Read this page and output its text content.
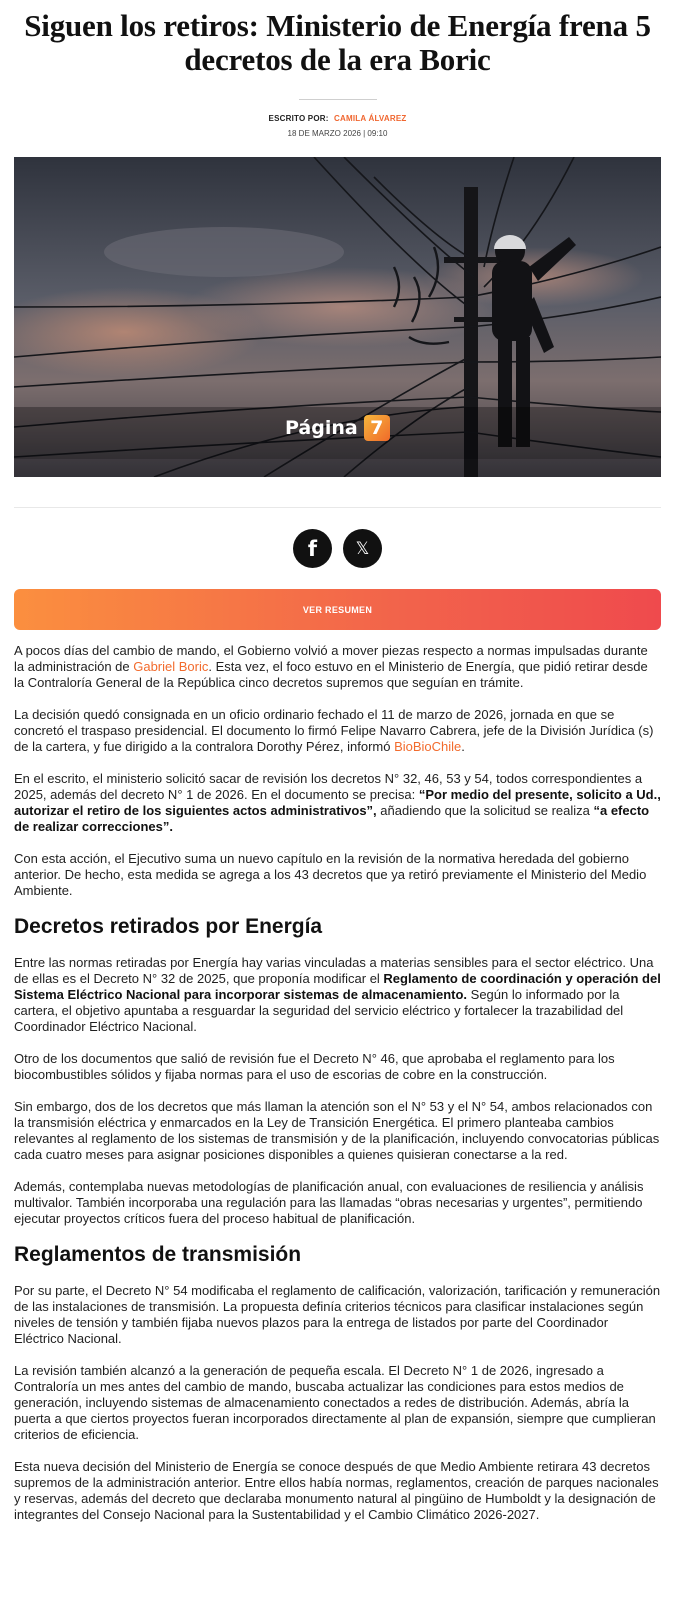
Siguen los retiros: Ministerio de Energía frena 5 decretos de la era Boric
ESCRITO POR: CAMILA ÁLVAREZ
18 DE MARZO 2026 | 09:10
Página 7
f 𝕏
VER RESUMEN

A pocos días del cambio de mando, el Gobierno volvió a mover piezas respecto a normas impulsadas durante la administración de Gabriel Boric. Esta vez, el foco estuvo en el Ministerio de Energía, que pidió retirar desde la Contraloría General de la República cinco decretos supremos que seguían en trámite.

La decisión quedó consignada en un oficio ordinario fechado el 11 de marzo de 2026, jornada en que se concretó el traspaso presidencial. El documento lo firmó Felipe Navarro Cabrera, jefe de la División Jurídica (s) de la cartera, y fue dirigido a la contralora Dorothy Pérez, informó BioBioChile.

En el escrito, el ministerio solicitó sacar de revisión los decretos N° 32, 46, 53 y 54, todos correspondientes a 2025, además del decreto N° 1 de 2026. En el documento se precisa: “Por medio del presente, solicito a Ud., autorizar el retiro de los siguientes actos administrativos”, añadiendo que la solicitud se realiza “a efecto de realizar correcciones”.

Con esta acción, el Ejecutivo suma un nuevo capítulo en la revisión de la normativa heredada del gobierno anterior. De hecho, esta medida se agrega a los 43 decretos que ya retiró previamente el Ministerio del Medio Ambiente.

Decretos retirados por Energía

Entre las normas retiradas por Energía hay varias vinculadas a materias sensibles para el sector eléctrico. Una de ellas es el Decreto N° 32 de 2025, que proponía modificar el Reglamento de coordinación y operación del Sistema Eléctrico Nacional para incorporar sistemas de almacenamiento. Según lo informado por la cartera, el objetivo apuntaba a resguardar la seguridad del servicio eléctrico y fortalecer la trazabilidad del Coordinador Eléctrico Nacional.

Otro de los documentos que salió de revisión fue el Decreto N° 46, que aprobaba el reglamento para los biocombustibles sólidos y fijaba normas para el uso de escorias de cobre en la construcción.

Sin embargo, dos de los decretos que más llaman la atención son el N° 53 y el N° 54, ambos relacionados con la transmisión eléctrica y enmarcados en la Ley de Transición Energética. El primero planteaba cambios relevantes al reglamento de los sistemas de transmisión y de la planificación, incluyendo convocatorias públicas cada cuatro meses para asignar posiciones disponibles a quienes quisieran conectarse a la red.

Además, contemplaba nuevas metodologías de planificación anual, con evaluaciones de resiliencia y análisis multivalor. También incorporaba una regulación para las llamadas “obras necesarias y urgentes”, permitiendo ejecutar proyectos críticos fuera del proceso habitual de planificación.

Reglamentos de transmisión

Por su parte, el Decreto N° 54 modificaba el reglamento de calificación, valorización, tarificación y remuneración de las instalaciones de transmisión. La propuesta definía criterios técnicos para clasificar instalaciones según niveles de tensión y también fijaba nuevos plazos para la entrega de listados por parte del Coordinador Eléctrico Nacional.

La revisión también alcanzó a la generación de pequeña escala. El Decreto N° 1 de 2026, ingresado a Contraloría un mes antes del cambio de mando, buscaba actualizar las condiciones para estos medios de generación, incluyendo sistemas de almacenamiento conectados a redes de distribución. Además, abría la puerta a que ciertos proyectos fueran incorporados directamente al plan de expansión, siempre que cumplieran criterios de eficiencia.

Esta nueva decisión del Ministerio de Energía se conoce después de que Medio Ambiente retirara 43 decretos supremos de la administración anterior. Entre ellos había normas, reglamentos, creación de parques nacionales y reservas, además del decreto que declaraba monumento natural al pingüino de Humboldt y la designación de integrantes del Consejo Nacional para la Sustentabilidad y el Cambio Climático 2026-2027.
